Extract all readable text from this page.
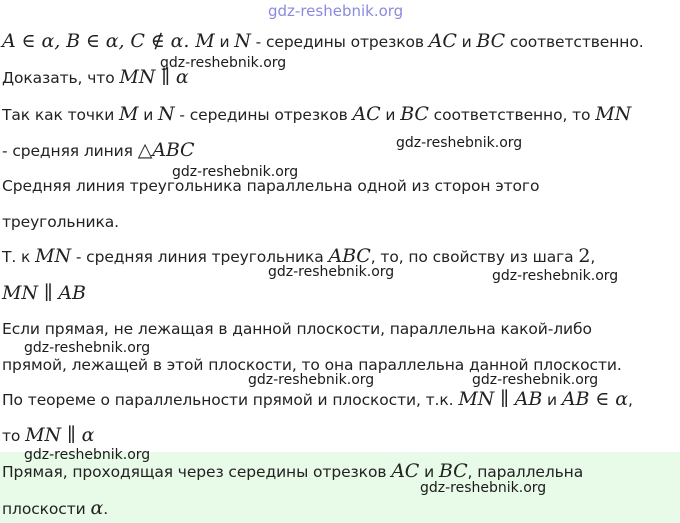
A ∈ α, B ∈ α, C ∉ α. M и N - середины отрезков AC и BC соответственно.
Доказать, что MN ∥ α
Так как точки M и N - середины отрезков AC и BC соответственно, то MN
- средняя линия △ABC
Средняя линия треугольника параллельна одной из сторон этого
треугольника.
Т. к MN - средняя линия треугольника ABC, то, по свойству из шага 2,
MN ∥ AB
Если прямая, не лежащая в данной плоскости, параллельна какой-либо
прямой, лежащей в этой плоскости, то она параллельна данной плоскости.
По теореме о параллельности прямой и плоскости, т.к. MN ∥ AB и AB ∈ α,
то MN ∥ α
Прямая, проходящая через середины отрезков AC и BC, параллельна
плоскости α.
gdz-reshebnik.org
gdz-reshebnik.org
gdz-reshebnik.org
gdz-reshebnik.org
gdz-reshebnik.org	gdz-reshebnik.org
gdz-reshebnik.org
gdz-reshebnik.org	gdz-reshebnik.org
gdz-reshebnik.org
gdz-reshebnik.org
